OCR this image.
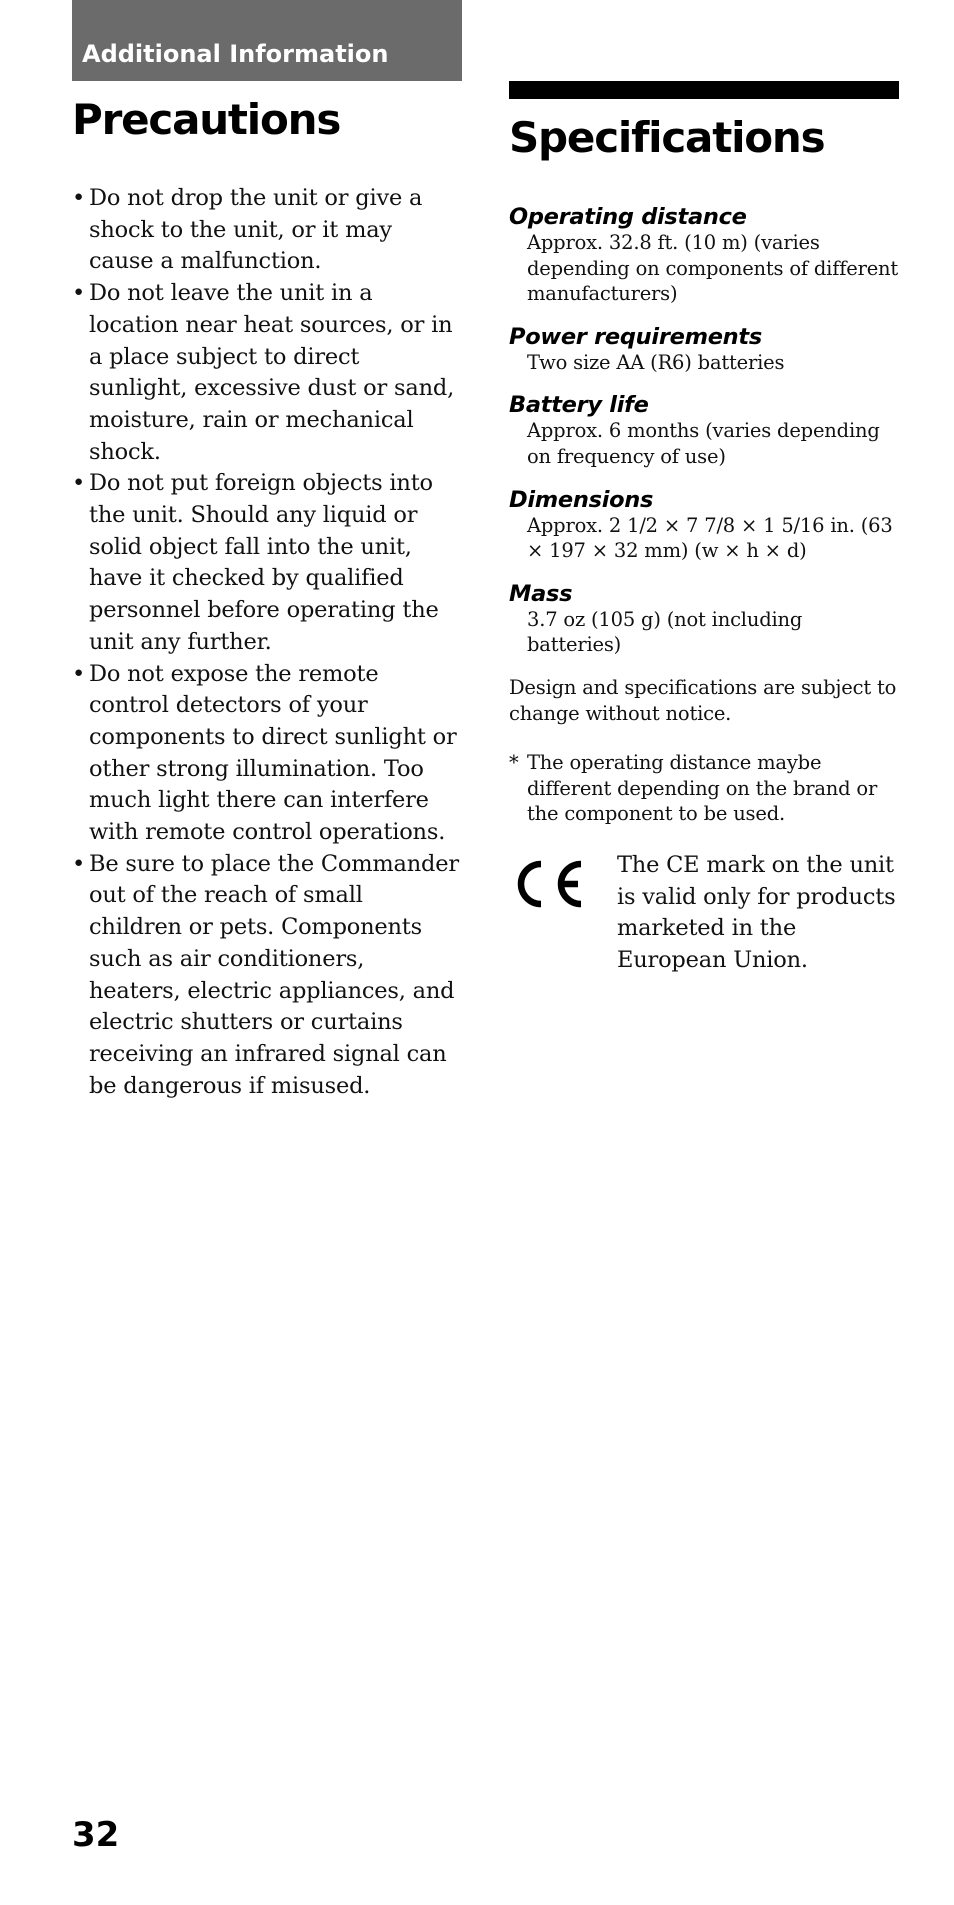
Additional Information
Precautions
• Do not drop the unit or give a shock to the unit, or it may cause a malfunction.
• Do not leave the unit in a location near heat sources, or in a place subject to direct sunlight, excessive dust or sand, moisture, rain or mechanical shock.
• Do not put foreign objects into the unit. Should any liquid or solid object fall into the unit, have it checked by qualified personnel before operating the unit any further.
• Do not expose the remote control detectors of your components to direct sunlight or other strong illumination. Too much light there can interfere with remote control operations.
• Be sure to place the Commander out of the reach of small children or pets. Components such as air conditioners, heaters, electric appliances, and electric shutters or curtains receiving an infrared signal can be dangerous if misused.
Specifications
Operating distance
Approx. 32.8 ft. (10 m) (varies depending on components of different manufacturers)
Power requirements
Two size AA (R6) batteries
Battery life
Approx. 6 months (varies depending on frequency of use)
Dimensions
Approx. 2 1/2 × 7 7/8 × 1 5/16 in. (63 × 197 × 32 mm) (w × h × d)
Mass
3.7 oz (105 g) (not including batteries)
Design and specifications are subject to change without notice.
* The operating distance maybe different depending on the brand or the component to be used.
The CE mark on the unit is valid only for products marketed in the European Union.
32
